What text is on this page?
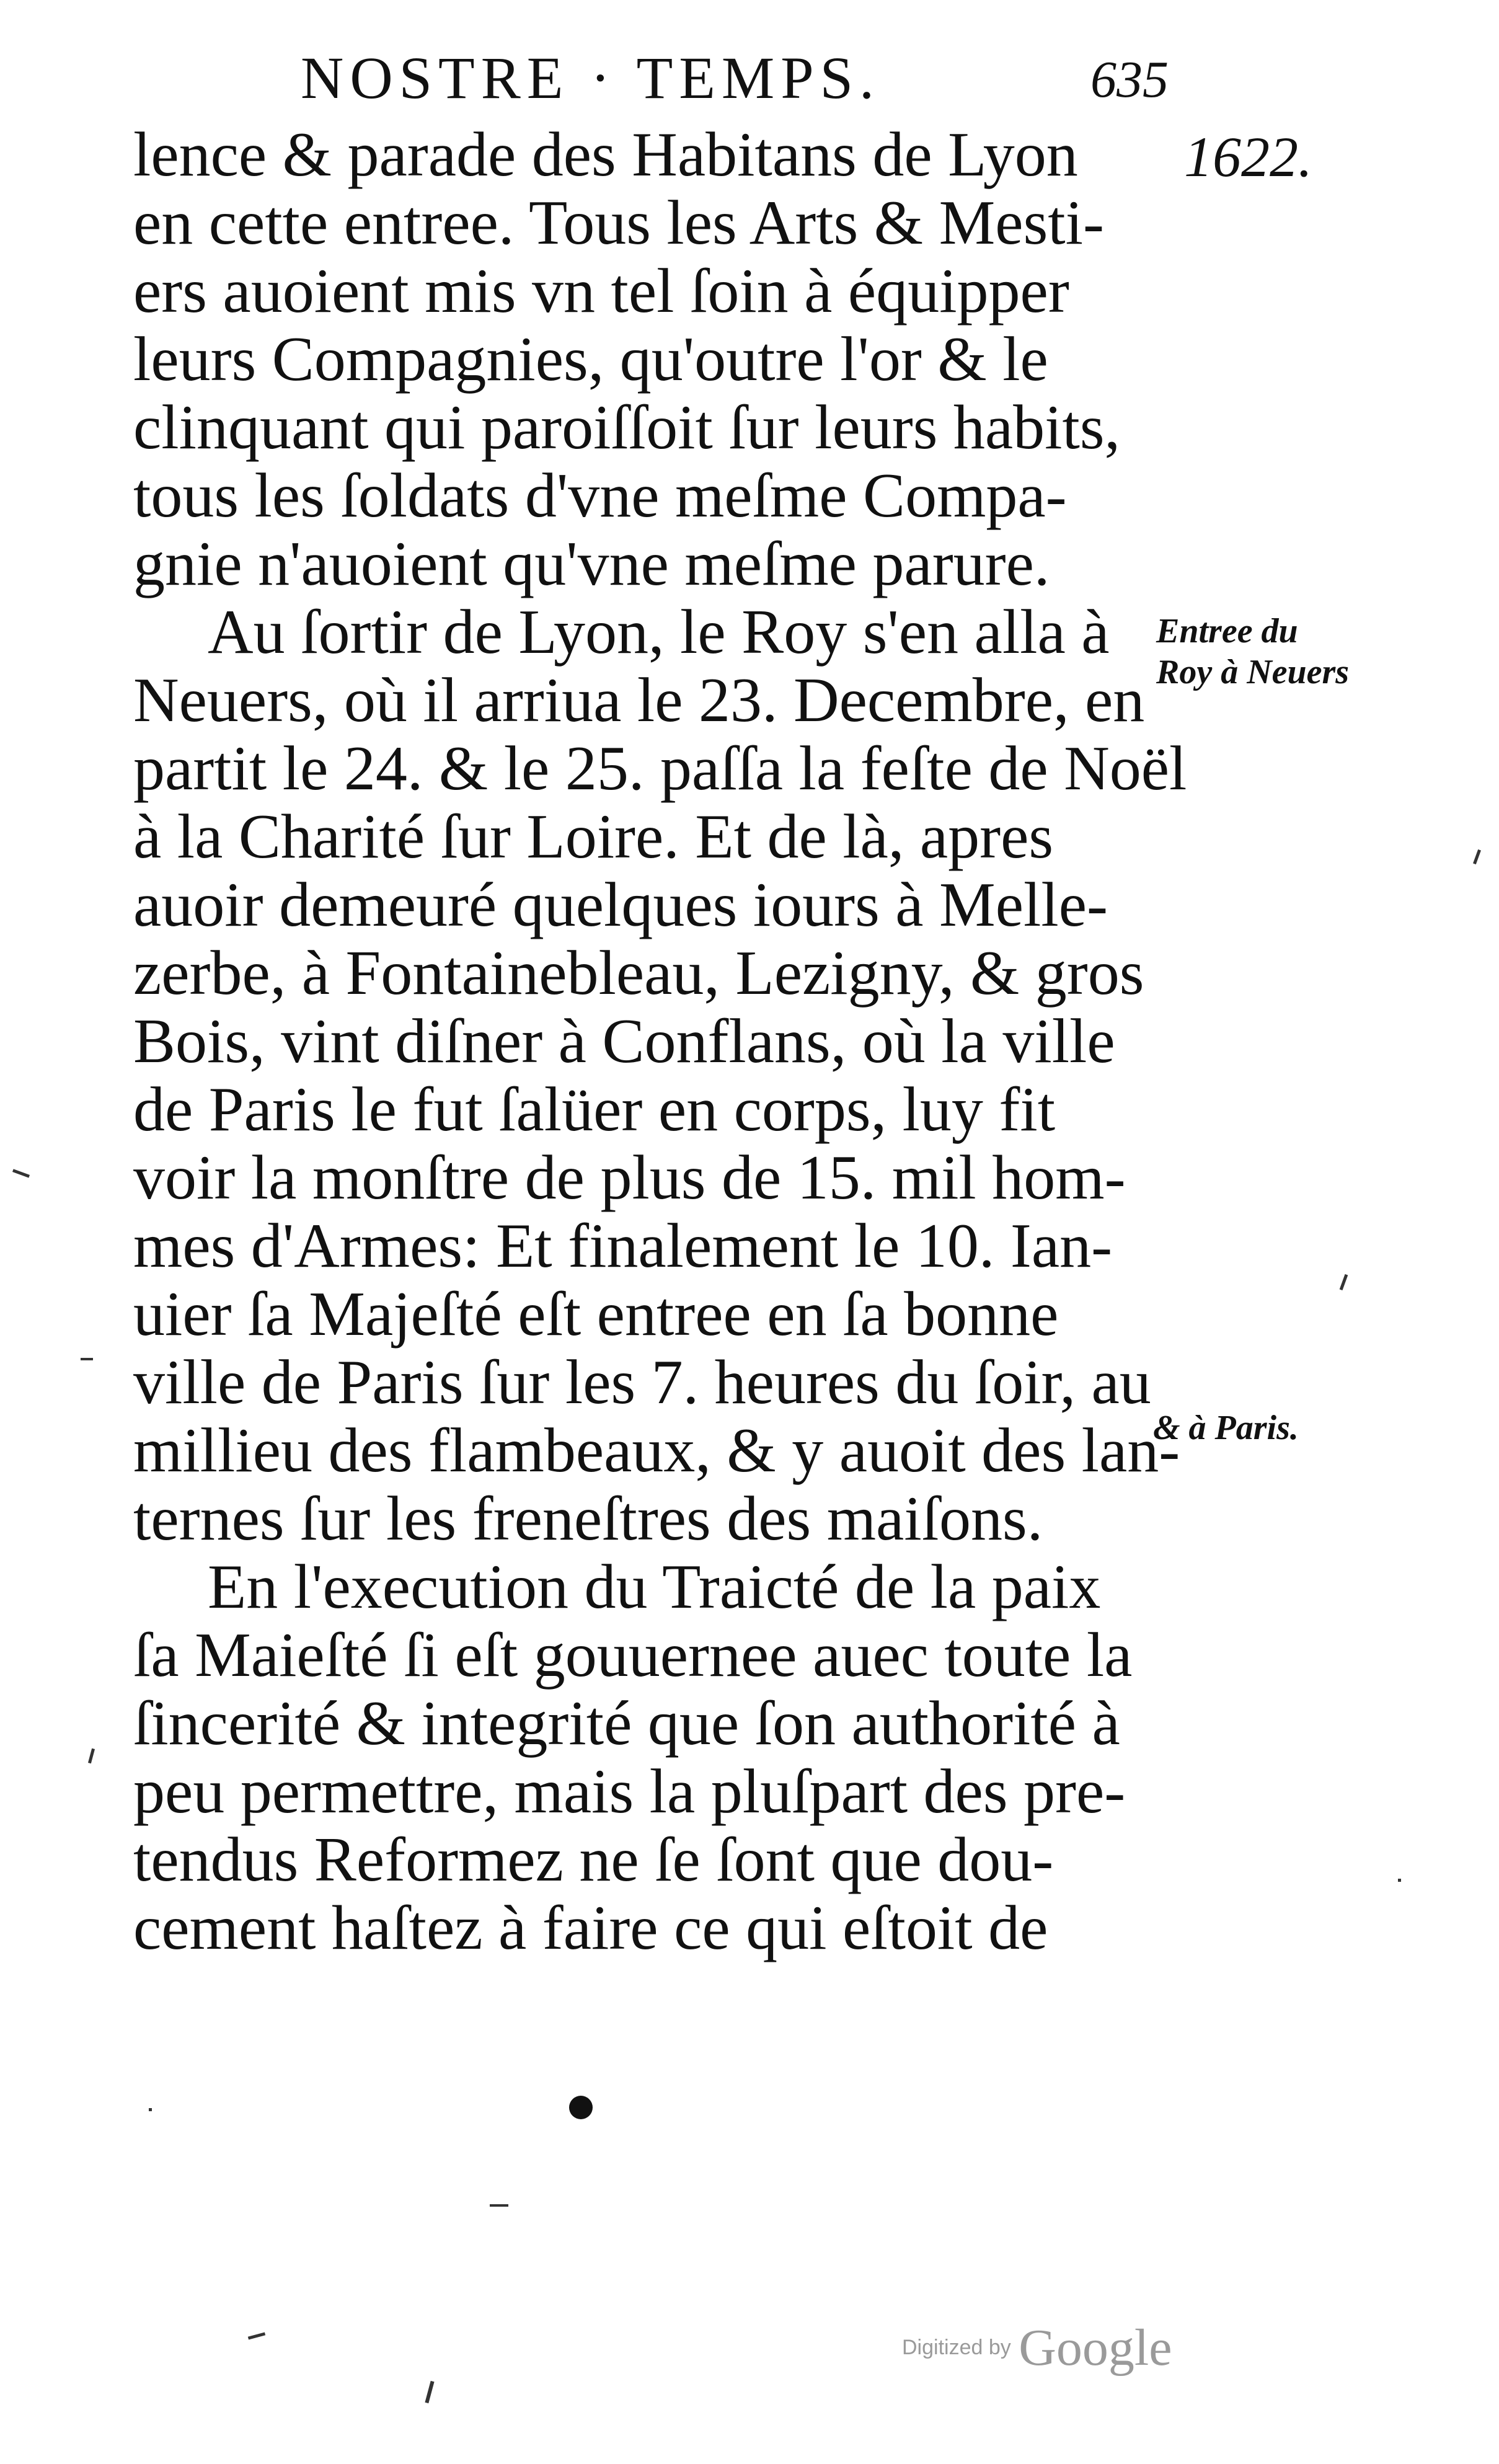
NOSTRE · TEMPS.	635
1622.
lence & parade des Habitans de Lyon
en cette entree. Tous les Arts & Mesti-
ers auoient mis vn tel ſoin à équipper
leurs Compagnies, qu'outre l'or & le
clinquant qui paroiſſoit ſur leurs habits,
tous les ſoldats d'vne meſme Compa-
gnie n'auoient qu'vne meſme parure.
Au ſortir de Lyon, le Roy s'en alla à
Neuers, où il arriua le 23. Decembre, en
partit le 24. & le 25. paſſa la feſte de Noël
à la Charité ſur Loire. Et de là, apres
auoir demeuré quelques iours à Melle-
zerbe, à Fontainebleau, Lezigny, & gros
Bois, vint diſner à Conflans, où la ville
de Paris le fut ſalüer en corps, luy fit
voir la monſtre de plus de 15. mil hom-
mes d'Armes: Et finalement le 10. Ian-
uier ſa Majeſté eſt entree en ſa bonne
ville de Paris ſur les 7. heures du ſoir, au
millieu des flambeaux, & y auoit des lan-
ternes ſur les freneſtres des maiſons.
En l'execution du Traicté de la paix
ſa Maieſté ſi eſt gouuernee auec toute la
ſincerité & integrité que ſon authorité à
peu permettre, mais la pluſpart des pre-
tendus Reformez ne ſe ſont que dou-
cement haſtez à faire ce qui eſtoit de
Entree du
Roy à Neuers
& à Paris.
Digitized by Google
